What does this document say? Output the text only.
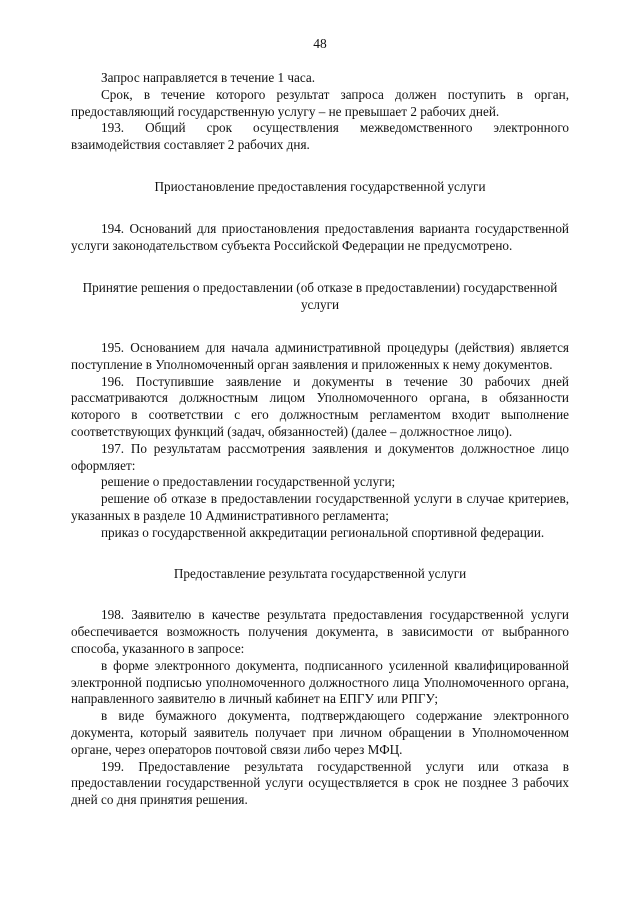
48

Запрос направляется в течение 1 часа.

Срок, в течение которого результат запроса должен поступить в орган, предоставляющий государственную услугу – не превышает 2 рабочих дней.

193. Общий срок осуществления межведомственного электронного взаимодействия составляет 2 рабочих дня.

Приостановление предоставления государственной услуги

194. Оснований для приостановления предоставления варианта государственной услуги законодательством субъекта Российской Федерации не предусмотрено.

Принятие решения о предоставлении (об отказе в предоставлении) государственной услуги

195. Основанием для начала административной процедуры (действия) является поступление в Уполномоченный орган заявления и приложенных к нему документов.

196. Поступившие заявление и документы в течение 30 рабочих дней рассматриваются должностным лицом Уполномоченного органа, в обязанности которого в соответствии с его должностным регламентом входит выполнение соответствующих функций (задач, обязанностей) (далее – должностное лицо).

197. По результатам рассмотрения заявления и документов должностное лицо оформляет:

решение о предоставлении государственной услуги;

решение об отказе в предоставлении государственной услуги в случае критериев, указанных в разделе 10 Административного регламента;

приказ о государственной аккредитации региональной спортивной федерации.

Предоставление результата государственной услуги

198. Заявителю в качестве результата предоставления государственной услуги обеспечивается возможность получения документа, в зависимости от выбранного способа, указанного в запросе:

в форме электронного документа, подписанного усиленной квалифицированной электронной подписью уполномоченного должностного лица Уполномоченного органа, направленного заявителю в личный кабинет на ЕПГУ или РПГУ;

в виде бумажного документа, подтверждающего содержание электронного документа, который заявитель получает при личном обращении в Уполномоченном органе, через операторов почтовой связи либо через МФЦ.

199. Предоставление результата государственной услуги или отказа в предоставлении государственной услуги осуществляется в срок не позднее 3 рабочих дней со дня принятия решения.
